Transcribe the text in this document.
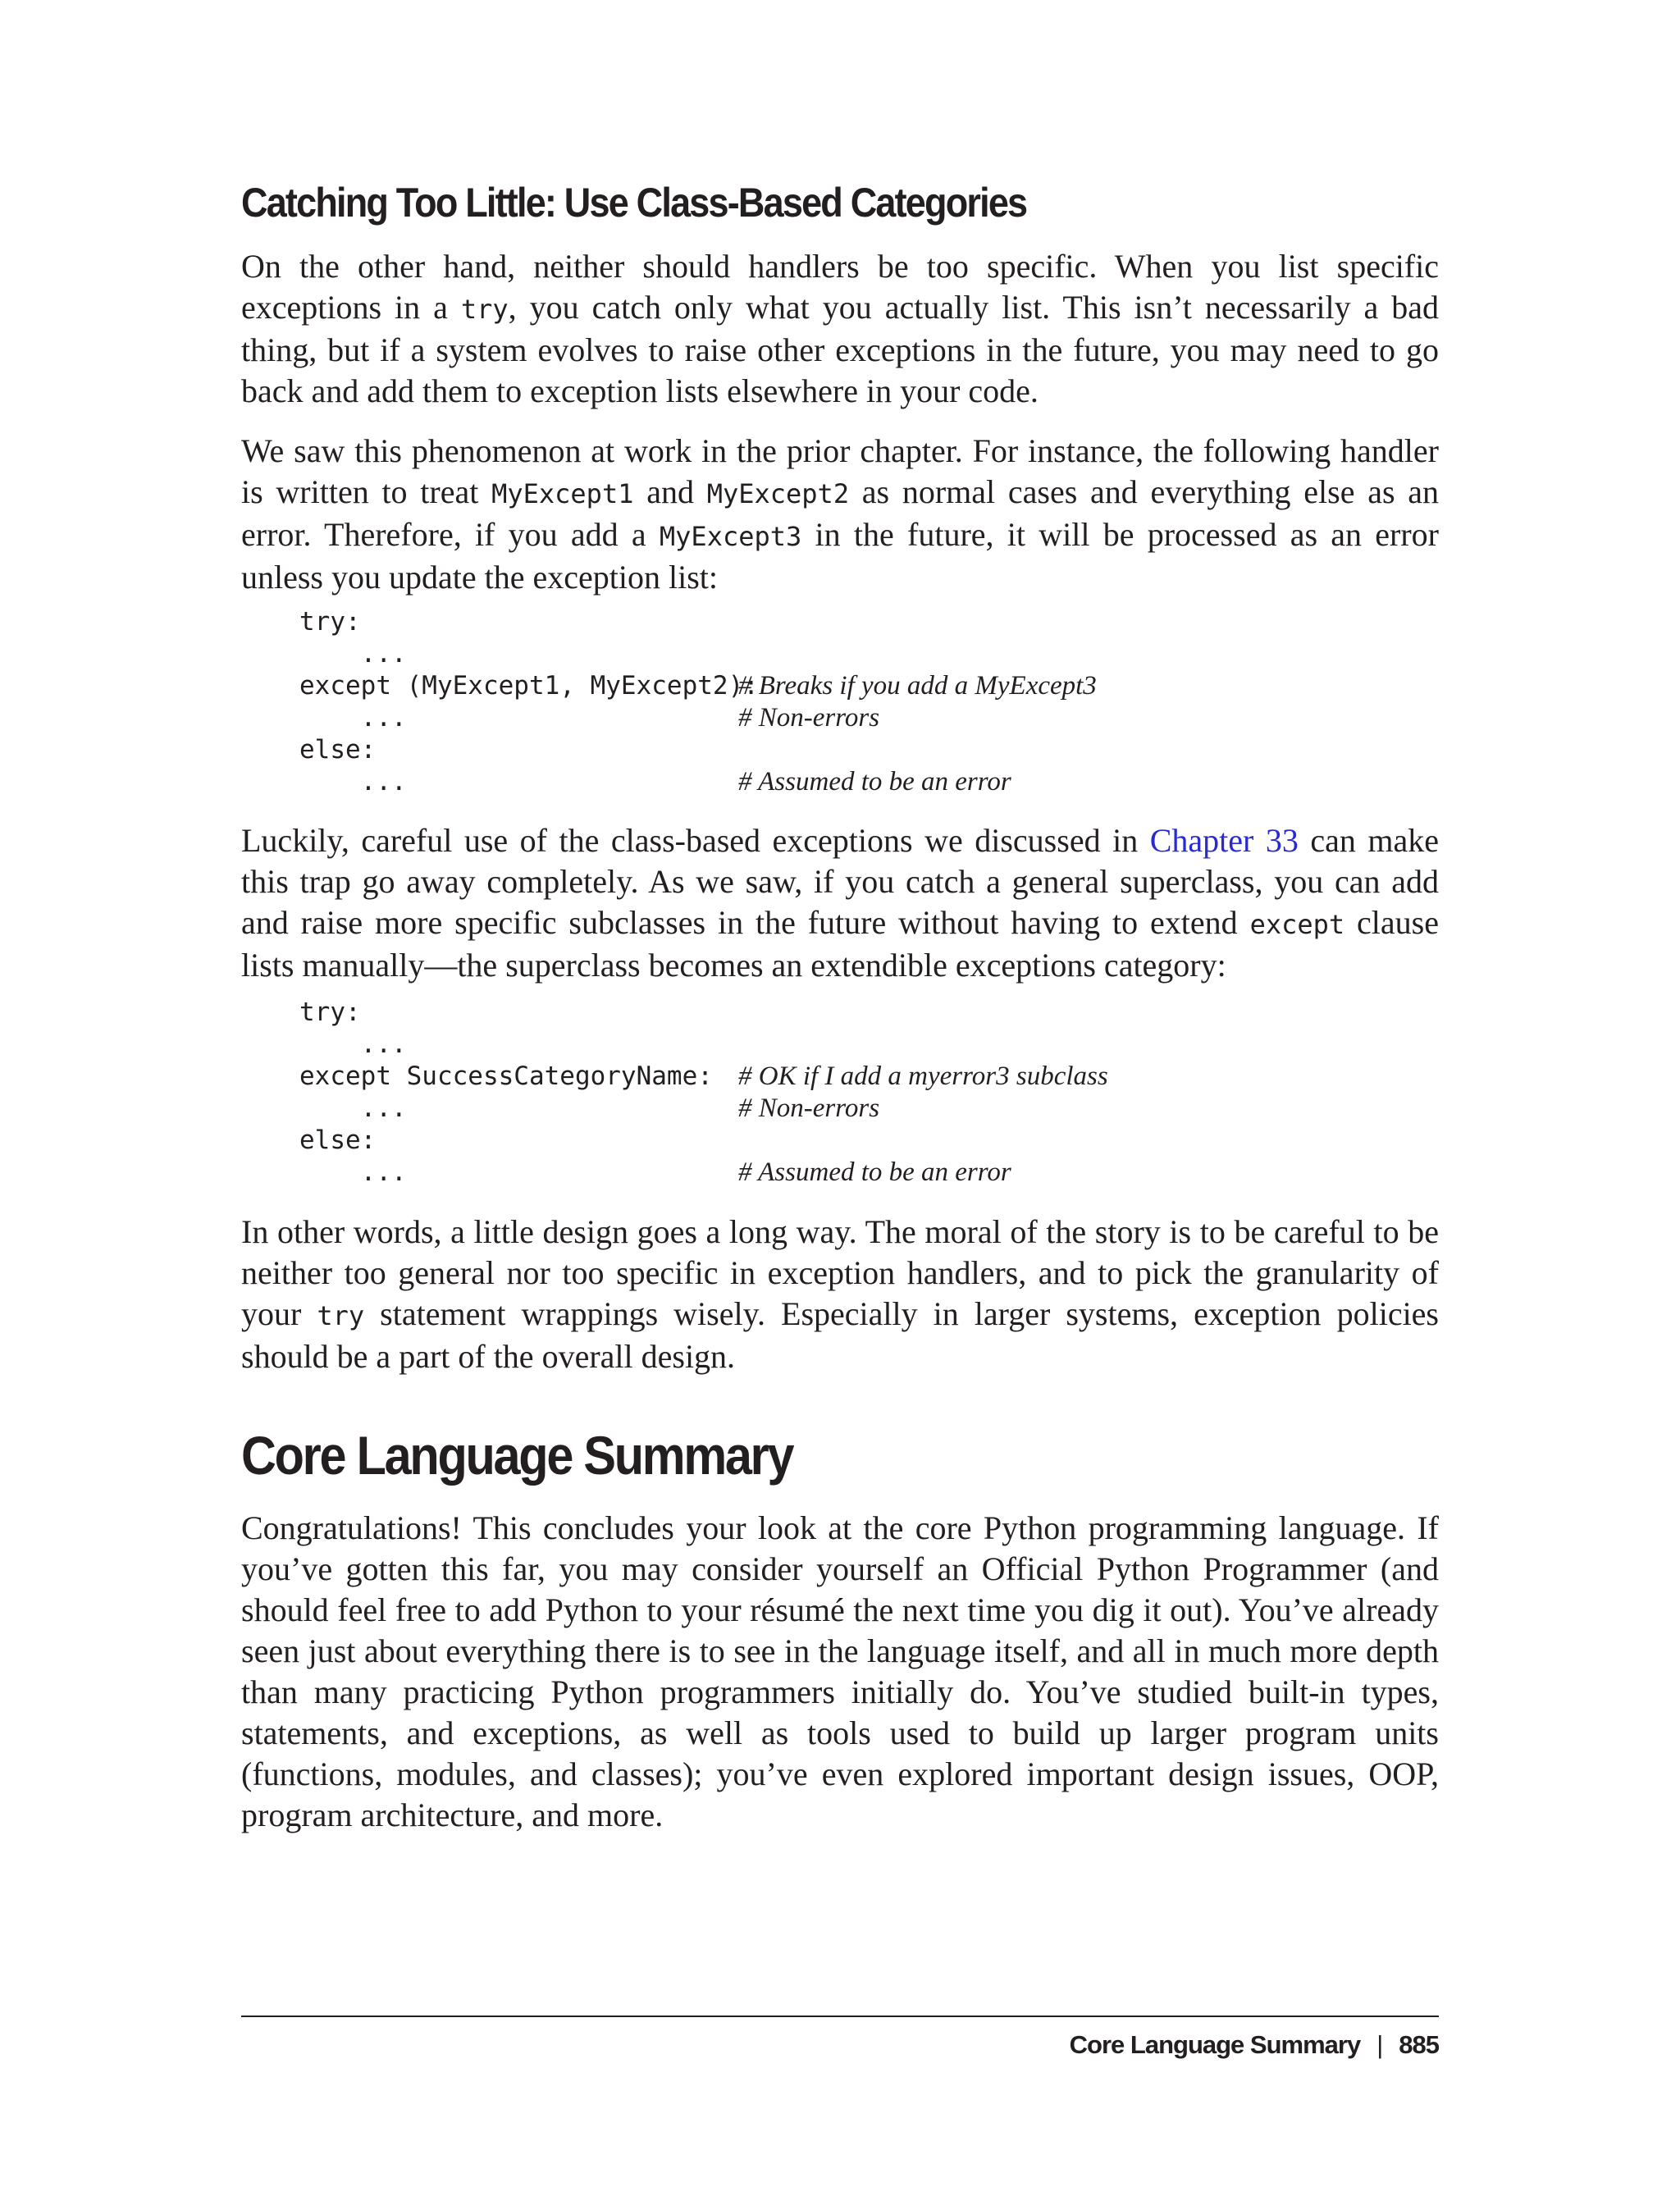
Catching Too Little: Use Class-Based Categories

On the other hand, neither should handlers be too specific. When you list specific exceptions in a try, you catch only what you actually list. This isn’t necessarily a bad thing, but if a system evolves to raise other exceptions in the future, you may need to go back and add them to exception lists elsewhere in your code.

We saw this phenomenon at work in the prior chapter. For instance, the following handler is written to treat MyExcept1 and MyExcept2 as normal cases and everything else as an error. Therefore, if you add a MyExcept3 in the future, it will be processed as an error unless you update the exception list:

try:
...
except (MyExcept1, MyExcept2):
# Breaks if you add a MyExcept3
...	# Non-errors
else:
...	# Assumed to be an error

Luckily, careful use of the class-based exceptions we discussed in Chapter 33 can make this trap go away completely. As we saw, if you catch a general superclass, you can add and raise more specific subclasses in the future without having to extend except clause lists manually—the superclass becomes an extendible exceptions category:

try:
...
except SuccessCategoryName: # OK if I add a myerror3 subclass
...	# Non-errors
else:
...	# Assumed to be an error

In other words, a little design goes a long way. The moral of the story is to be careful to be neither too general nor too specific in exception handlers, and to pick the granularity of your try statement wrappings wisely. Especially in larger systems, exception policies should be a part of the overall design.

Core Language Summary

Congratulations! This concludes your look at the core Python programming language. If you’ve gotten this far, you may consider yourself an Official Python Programmer (and should feel free to add Python to your résumé the next time you dig it out). You’ve already seen just about everything there is to see in the language itself, and all in much more depth than many practicing Python programmers initially do. You’ve studied built-in types, statements, and exceptions, as well as tools used to build up larger program units (functions, modules, and classes); you’ve even explored important design issues, OOP, program architecture, and more.

Core Language Summary | 885
